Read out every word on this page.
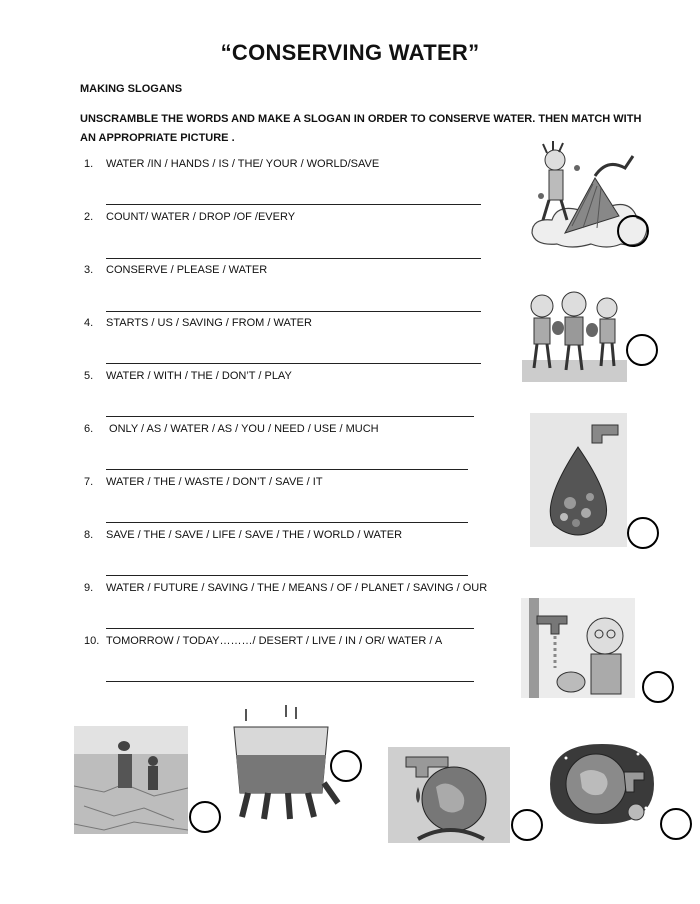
“CONSERVING WATER”
MAKING SLOGANS
UNSCRAMBLE THE WORDS AND MAKE A SLOGAN IN ORDER TO CONSERVE WATER. THEN MATCH WITH AN APPROPRIATE PICTURE .
1. WATER /IN / HANDS / IS / THE/ YOUR / WORLD/SAVE
2. COUNT/ WATER / DROP /OF /EVERY
3. CONSERVE / PLEASE / WATER
4. STARTS / US / SAVING / FROM / WATER
5. WATER / WITH / THE / DON’T / PLAY
6. ONLY / AS / WATER / AS / YOU / NEED / USE / MUCH
7. WATER / THE / WASTE / DON’T / SAVE / IT
8. SAVE / THE / SAVE / LIFE / SAVE / THE / WORLD / WATER
9. WATER / FUTURE / SAVING / THE / MEANS / OF / PLANET / SAVING / OUR
10. TOMORROW / TODAY………/ DESERT / LIVE / IN / OR/ WATER / A
